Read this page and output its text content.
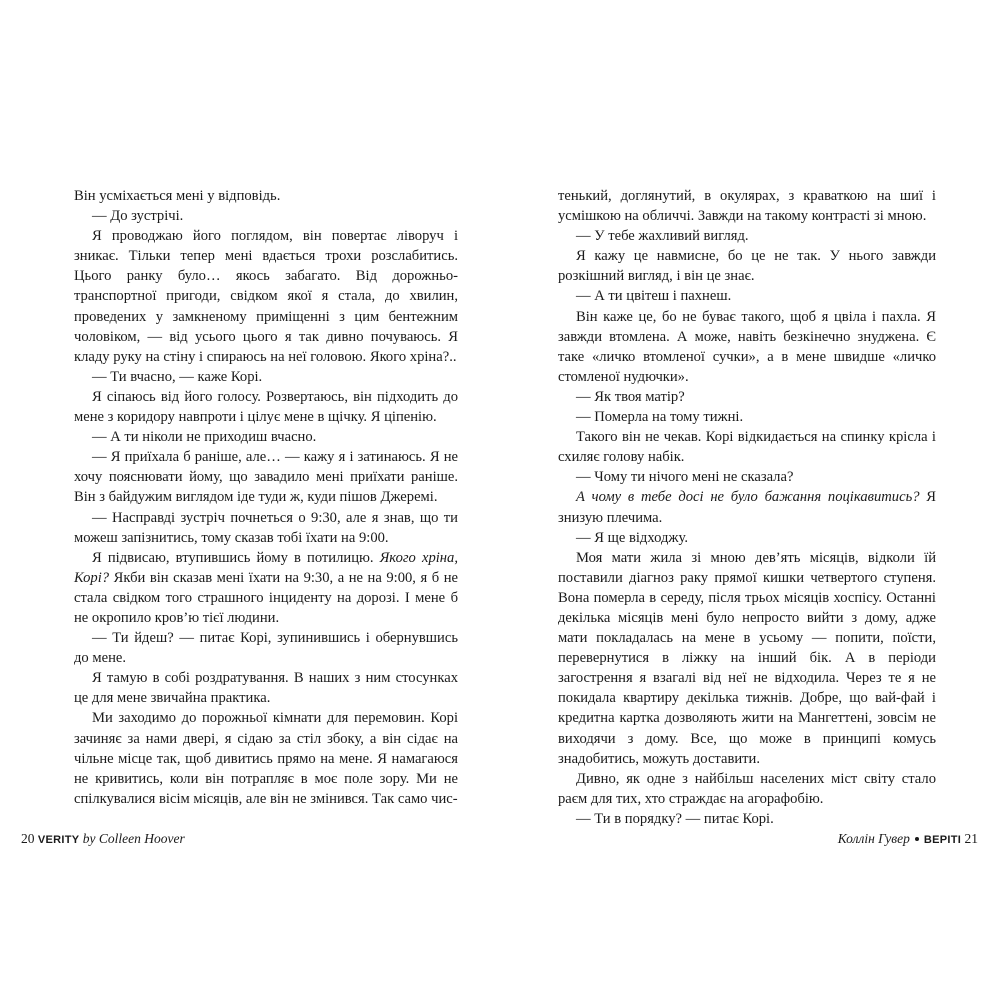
Він усміхається мені у відповідь.

— До зустрічі.

Я проводжаю його поглядом, він повертає ліворуч і зникає. Тільки тепер мені вдається трохи розслабитись. Цього ранку було… якось забагато. Від дорожньо-транспортної пригоди, свідком якої я стала, до хвилин, проведених у замкненому приміщенні з цим бентежним чоловіком, — від усього цього я так дивно почуваюсь. Я кладу руку на стіну і спираюсь на неї головою. Якого хріна?..

— Ти вчасно, — каже Корі.

Я сіпаюсь від його голосу. Розвертаюсь, він підходить до мене з коридору навпроти і цілує мене в щічку. Я ціпенію.

— А ти ніколи не приходиш вчасно.

— Я приїхала б раніше, але… — кажу я і затинаюсь. Я не хочу пояснювати йому, що завадило мені приїхати раніше. Він з байдужим виглядом іде туди ж, куди пішов Джеремі.

— Насправді зустріч почнеться о 9:30, але я знав, що ти можеш запізнитись, тому сказав тобі їхати на 9:00.

Я підвисаю, втупившись йому в потилицю. Якого хріна, Корі? Якби він сказав мені їхати на 9:30, а не на 9:00, я б не стала свідком того страшного інциденту на дорозі. І мене б не окропило кров’ю тієї людини.

— Ти йдеш? — питає Корі, зупинившись і обернувшись до мене.

Я тамую в собі роздратування. В наших з ним стосунках це для мене звичайна практика.

Ми заходимо до порожньої кімнати для перемовин. Корі зачиняє за нами двері, я сідаю за стіл збоку, а він сідає на чільне місце так, щоб дивитись прямо на мене. Я намагаюся не кривитись, коли він потрапляє в моє поле зору. Ми не спілкувалися вісім місяців, але він не змінився. Так само чис-

тенький, доглянутий, в окулярах, з краваткою на шиї і усмішкою на обличчі. Завжди на такому контрасті зі мною.

— У тебе жахливий вигляд.

Я кажу це навмисне, бо це не так. У нього завжди розкішний вигляд, і він це знає.

— А ти цвітеш і пахнеш.

Він каже це, бо не буває такого, щоб я цвіла і пахла. Я завжди втомлена. А може, навіть безкінечно знуджена. Є таке «личко втомленої сучки», а в мене швидше «личко стомленої нудючки».

— Як твоя матір?

— Померла на тому тижні.

Такого він не чекав. Корі відкидається на спинку крісла і схиляє голову набік.

— Чому ти нічого мені не сказала?

А чому в тебе досі не було бажання поцікавитись? Я знизую плечима.

— Я ще відходжу.

Моя мати жила зі мною дев’ять місяців, відколи їй поставили діагноз раку прямої кишки четвертого ступеня. Вона померла в середу, після трьох місяців хоспісу. Останні декілька місяців мені було непросто вийти з дому, адже мати покладалась на мене в усьому — попити, поїсти, перевернутися в ліжку на інший бік. А в періоди загострення я взагалі від неї не відходила. Через те я не покидала квартиру декілька тижнів. Добре, що вай-фай і кредитна картка дозволяють жити на Мангеттені, зовсім не виходячи з дому. Все, що може в принципі комусь знадобитись, можуть доставити.

Дивно, як одне з найбільш населених міст світу стало раєм для тих, хто страждає на агорафобію.

— Ти в порядку? — питає Корі.

20 VERITY by Colleen Hoover	Коллін Гувер ВЕРІТІ 21
